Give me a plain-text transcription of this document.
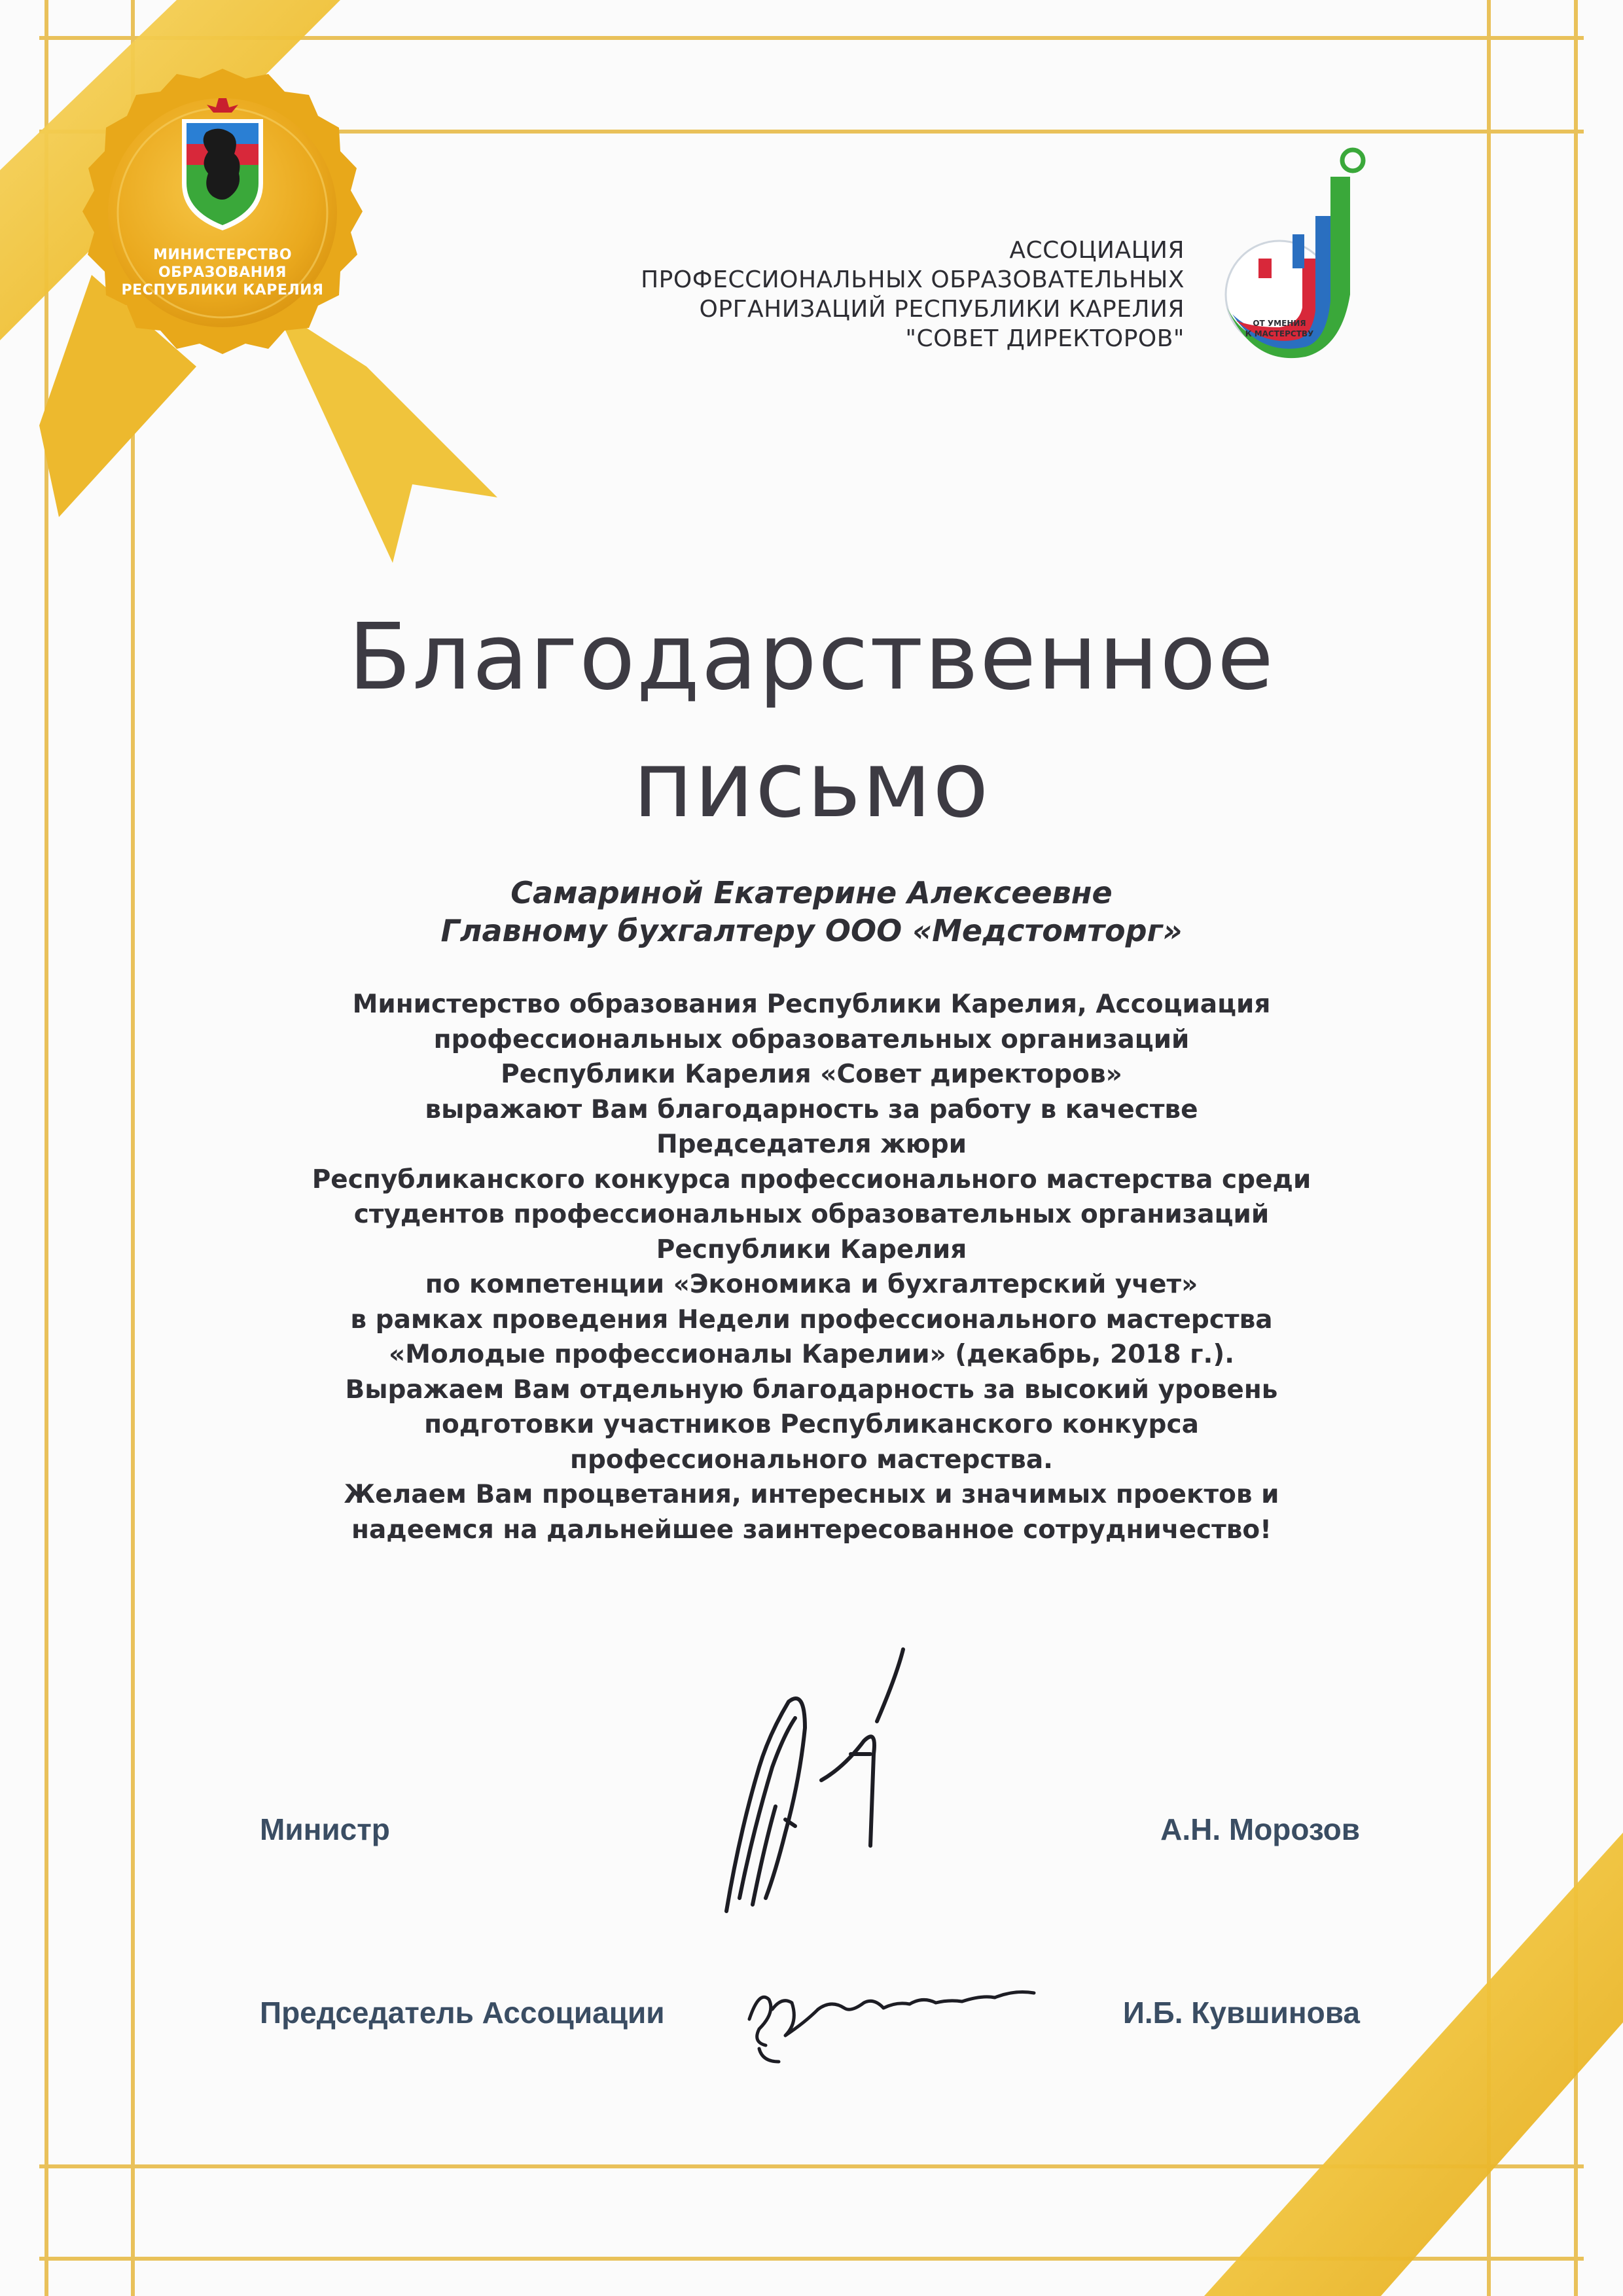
МИНИСТЕРСТВО
ОБРАЗОВАНИЯ
РЕСПУБЛИКИ КАРЕЛИЯ
ОТ УМЕНИЯ
К МАСТЕРСТВУ
АССОЦИАЦИЯ
ПРОФЕССИОНАЛЬНЫХ ОБРАЗОВАТЕЛЬНЫХ
ОРГАНИЗАЦИЙ РЕСПУБЛИКИ КАРЕЛИЯ
"СОВЕТ ДИРЕКТОРОВ"
Благодарственное
письмо
Самариной Екатерине Алексеевне
Главному бухгалтеру ООО «Медстомторг»
Министерство образования Республики Карелия, Ассоциация
профессиональных образовательных организаций
Республики Карелия «Совет директоров»
выражают Вам благодарность за работу в качестве
Председателя жюри
Республиканского конкурса профессионального мастерства среди
студентов профессиональных образовательных организаций
Республики Карелия
по компетенции «Экономика и бухгалтерский учет»
в рамках проведения Недели профессионального мастерства
«Молодые профессионалы Карелии» (декабрь, 2018 г.).
Выражаем Вам отдельную благодарность за высокий уровень
подготовки участников Республиканского конкурса
профессионального мастерства.
Желаем Вам процветания, интересных и значимых проектов и
надеемся на дальнейшее заинтересованное сотрудничество!
Министр	А.Н. Морозов
Председатель Ассоциации	И.Б. Кувшинова
